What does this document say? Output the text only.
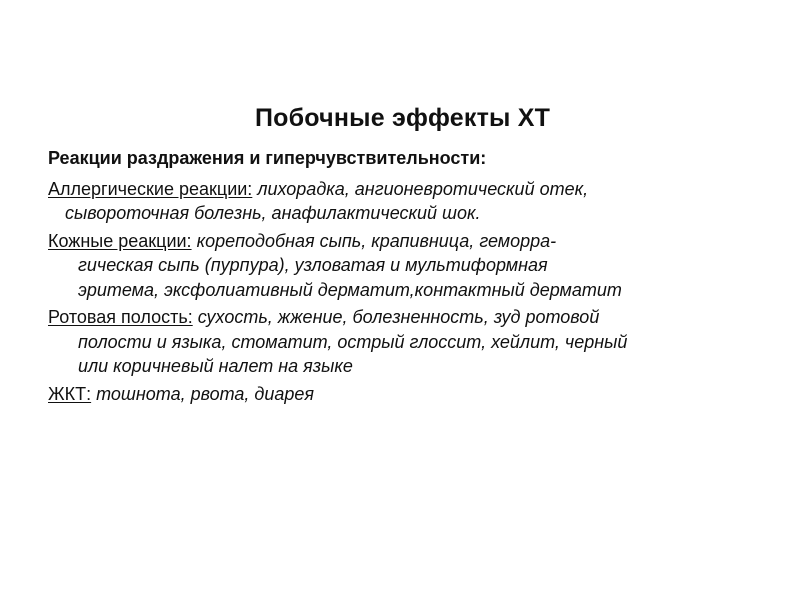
Побочные эффекты ХТ
Реакции раздражения и гиперчувствительности:
Аллергические реакции: лихорадка, ангионевротический отек,
сывороточная болезнь, анафилактический шок.
Кожные реакции: кореподобная сыпь, крапивница, геморра-
гическая сыпь (пурпура), узловатая и мультиформная
эритема, эксфолиативный дерматит,контактный дерматит
Ротовая полость: сухость, жжение, болезненность, зуд ротовой
полости и языка, стоматит, острый глоссит, хейлит, черный
или коричневый налет на языке
ЖКТ: тошнота, рвота, диарея
